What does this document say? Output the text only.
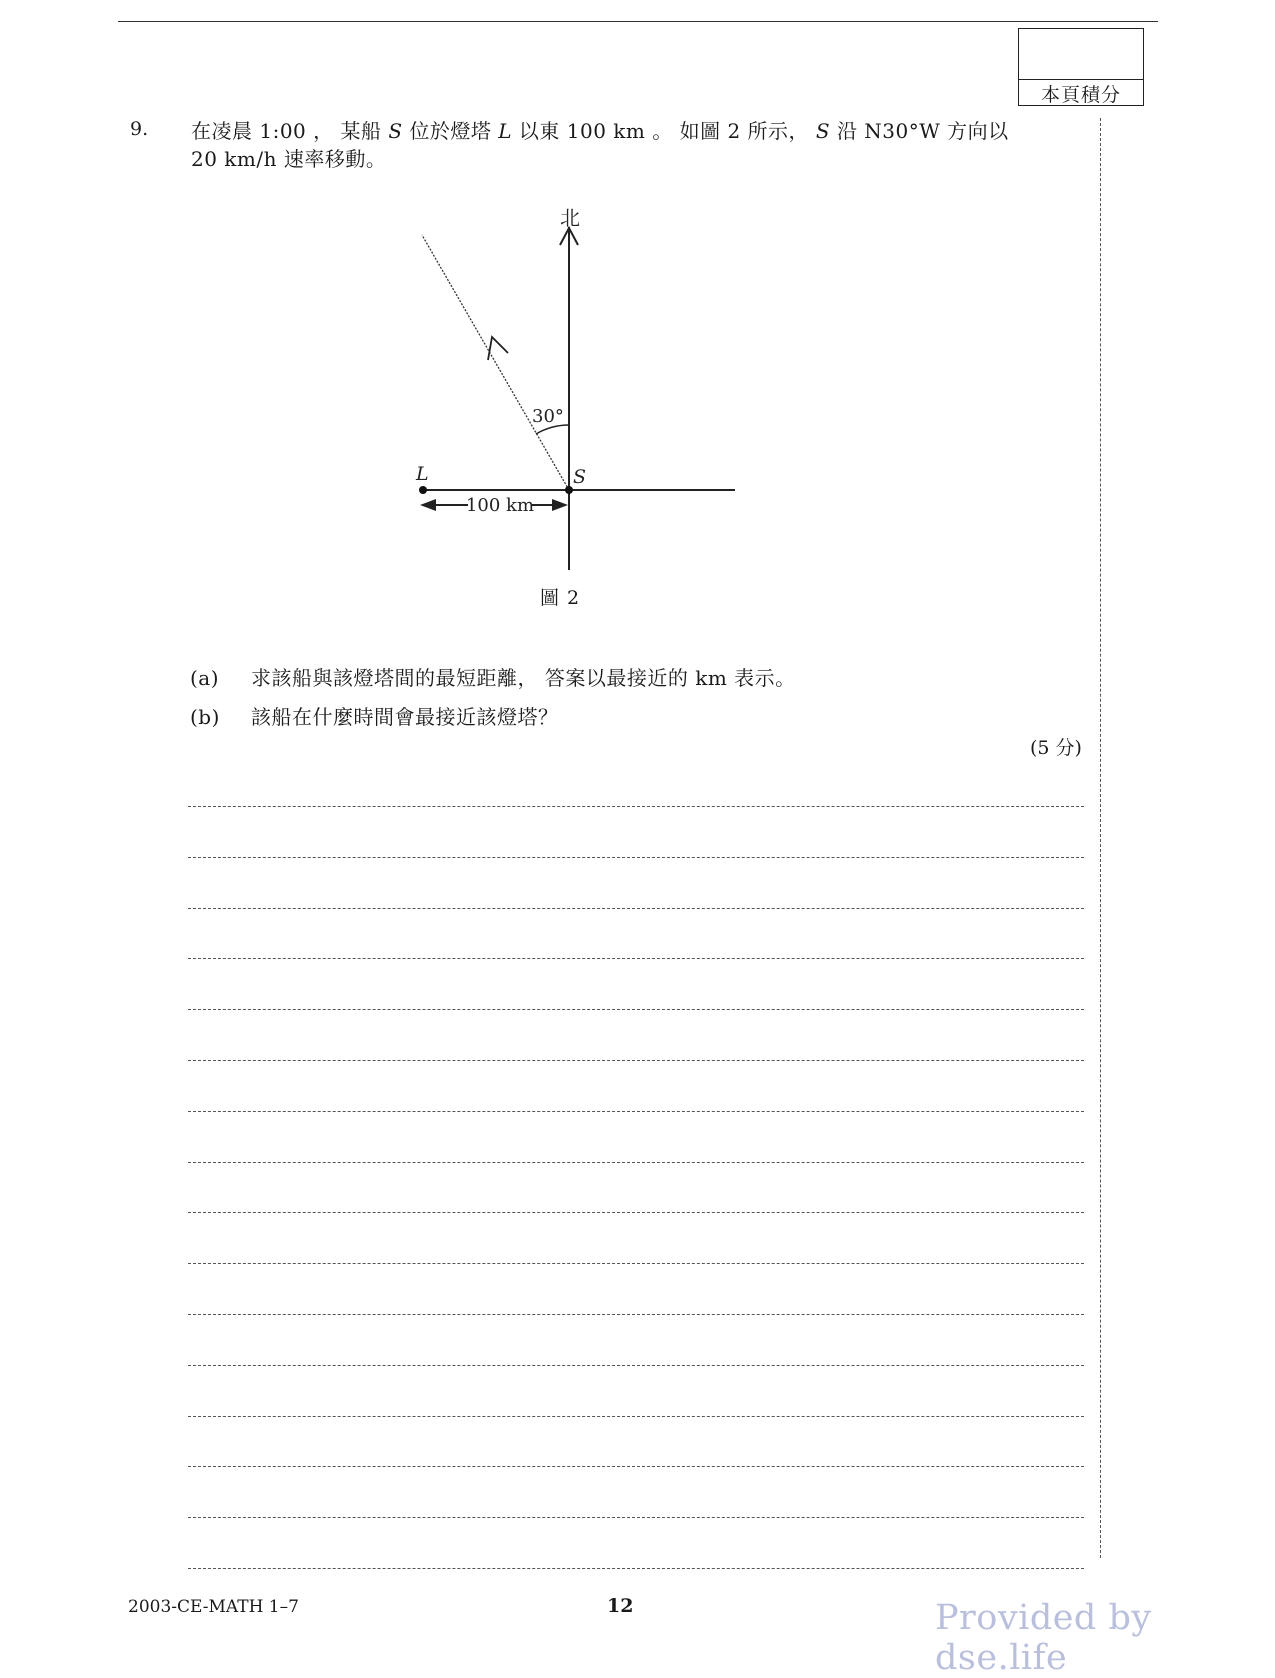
本頁積分
9. 在凌晨 1:00 ， 某船 S 位於燈塔 L 以東 100 km 。 如圖 2 所示， S 沿 N30°W 方向以

20 km/h 速率移動。

北
30°
L	S
100 km
圖 2
(a) 求該船與該燈塔間的最短距離， 答案以最接近的 km 表示。
(b) 該船在什麼時間會最接近該燈塔？
(5 分)
2003-CE-MATH 1–7	12	Provided by dse.life
